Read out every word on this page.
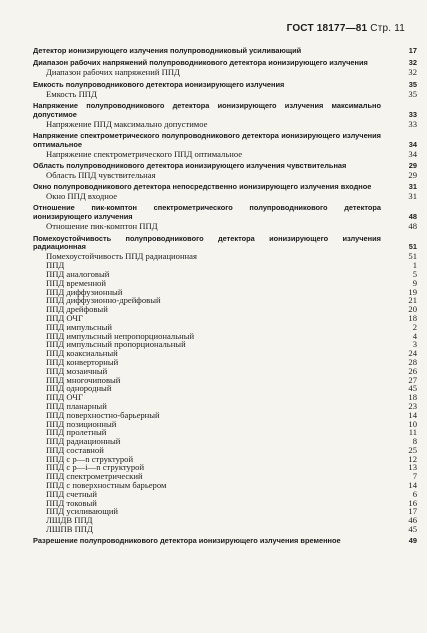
ГОСТ 18177—81 Стр. 11
Детектор ионизирующего излучения полупроводниковый усиливающий	17
Диапазон рабочих напряжений полупроводникового детектора ионизирующего излучения	32
Диапазон рабочих напряжений ППД	32
Емкость полупроводникового детектора ионизирующего излучения	35
Емкость ППД	35
Напряжение полупроводникового детектора ионизирующего излучения максимально допустимое	33
Напряжение ППД максимально допустимое	33
Напряжение спектрометрического полупроводникового детектора ионизирующего излучения оптимальное	34
Напряжение спектрометрического ППД оптимальное	34
Область полупроводникового детектора ионизирующего излучения чувствительная	29
Область ППД чувствительная	29
Окно полупроводникового детектора непосредственно ионизирующего излучения входное	31
Окно ППД входное	31
Отношение пик-комптон спектрометрического полупроводникового детектора ионизирующего излучения	48
Отношение пик-комптон ППД	48
Помехоустойчивость полупроводникового детектора ионизирующего излучения радиационная	51
Помехоустойчивость ППД радиационная	51
ППД	1
ППД аналоговый	5
ППД временной	9
ППД диффузионный	19
ППД диффузионно-дрейфовый	21
ППД дрейфовый	20
ППД ОЧГ	18
ППД импульсный	2
ППД импульсный непропорциональный	4
ППД импульсный пропорциональный	3
ППД коаксиальный	24
ППД конверторный	28
ППД мозаичный	26
ППД многочиповый	27
ППД однородный	45
ППД ОЧГ	18
ППД планарный	23
ППД поверхностно-барьерный	14
ППД позиционный	10
ППД пролетный	11
ППД радиационный	8
ППД составной	25
ППД с p—n структурой	12
ППД с p—i—n структурой	13
ППД спектрометрический	7
ППД с поверхностным барьером	14
ППД счетный	6
ППД токовый	16
ППД усиливающий	17
ЛШДВ ППД	46
ЛШПВ ППД	45
Разрешение полупроводникового детектора ионизирующего излучения временное	49
